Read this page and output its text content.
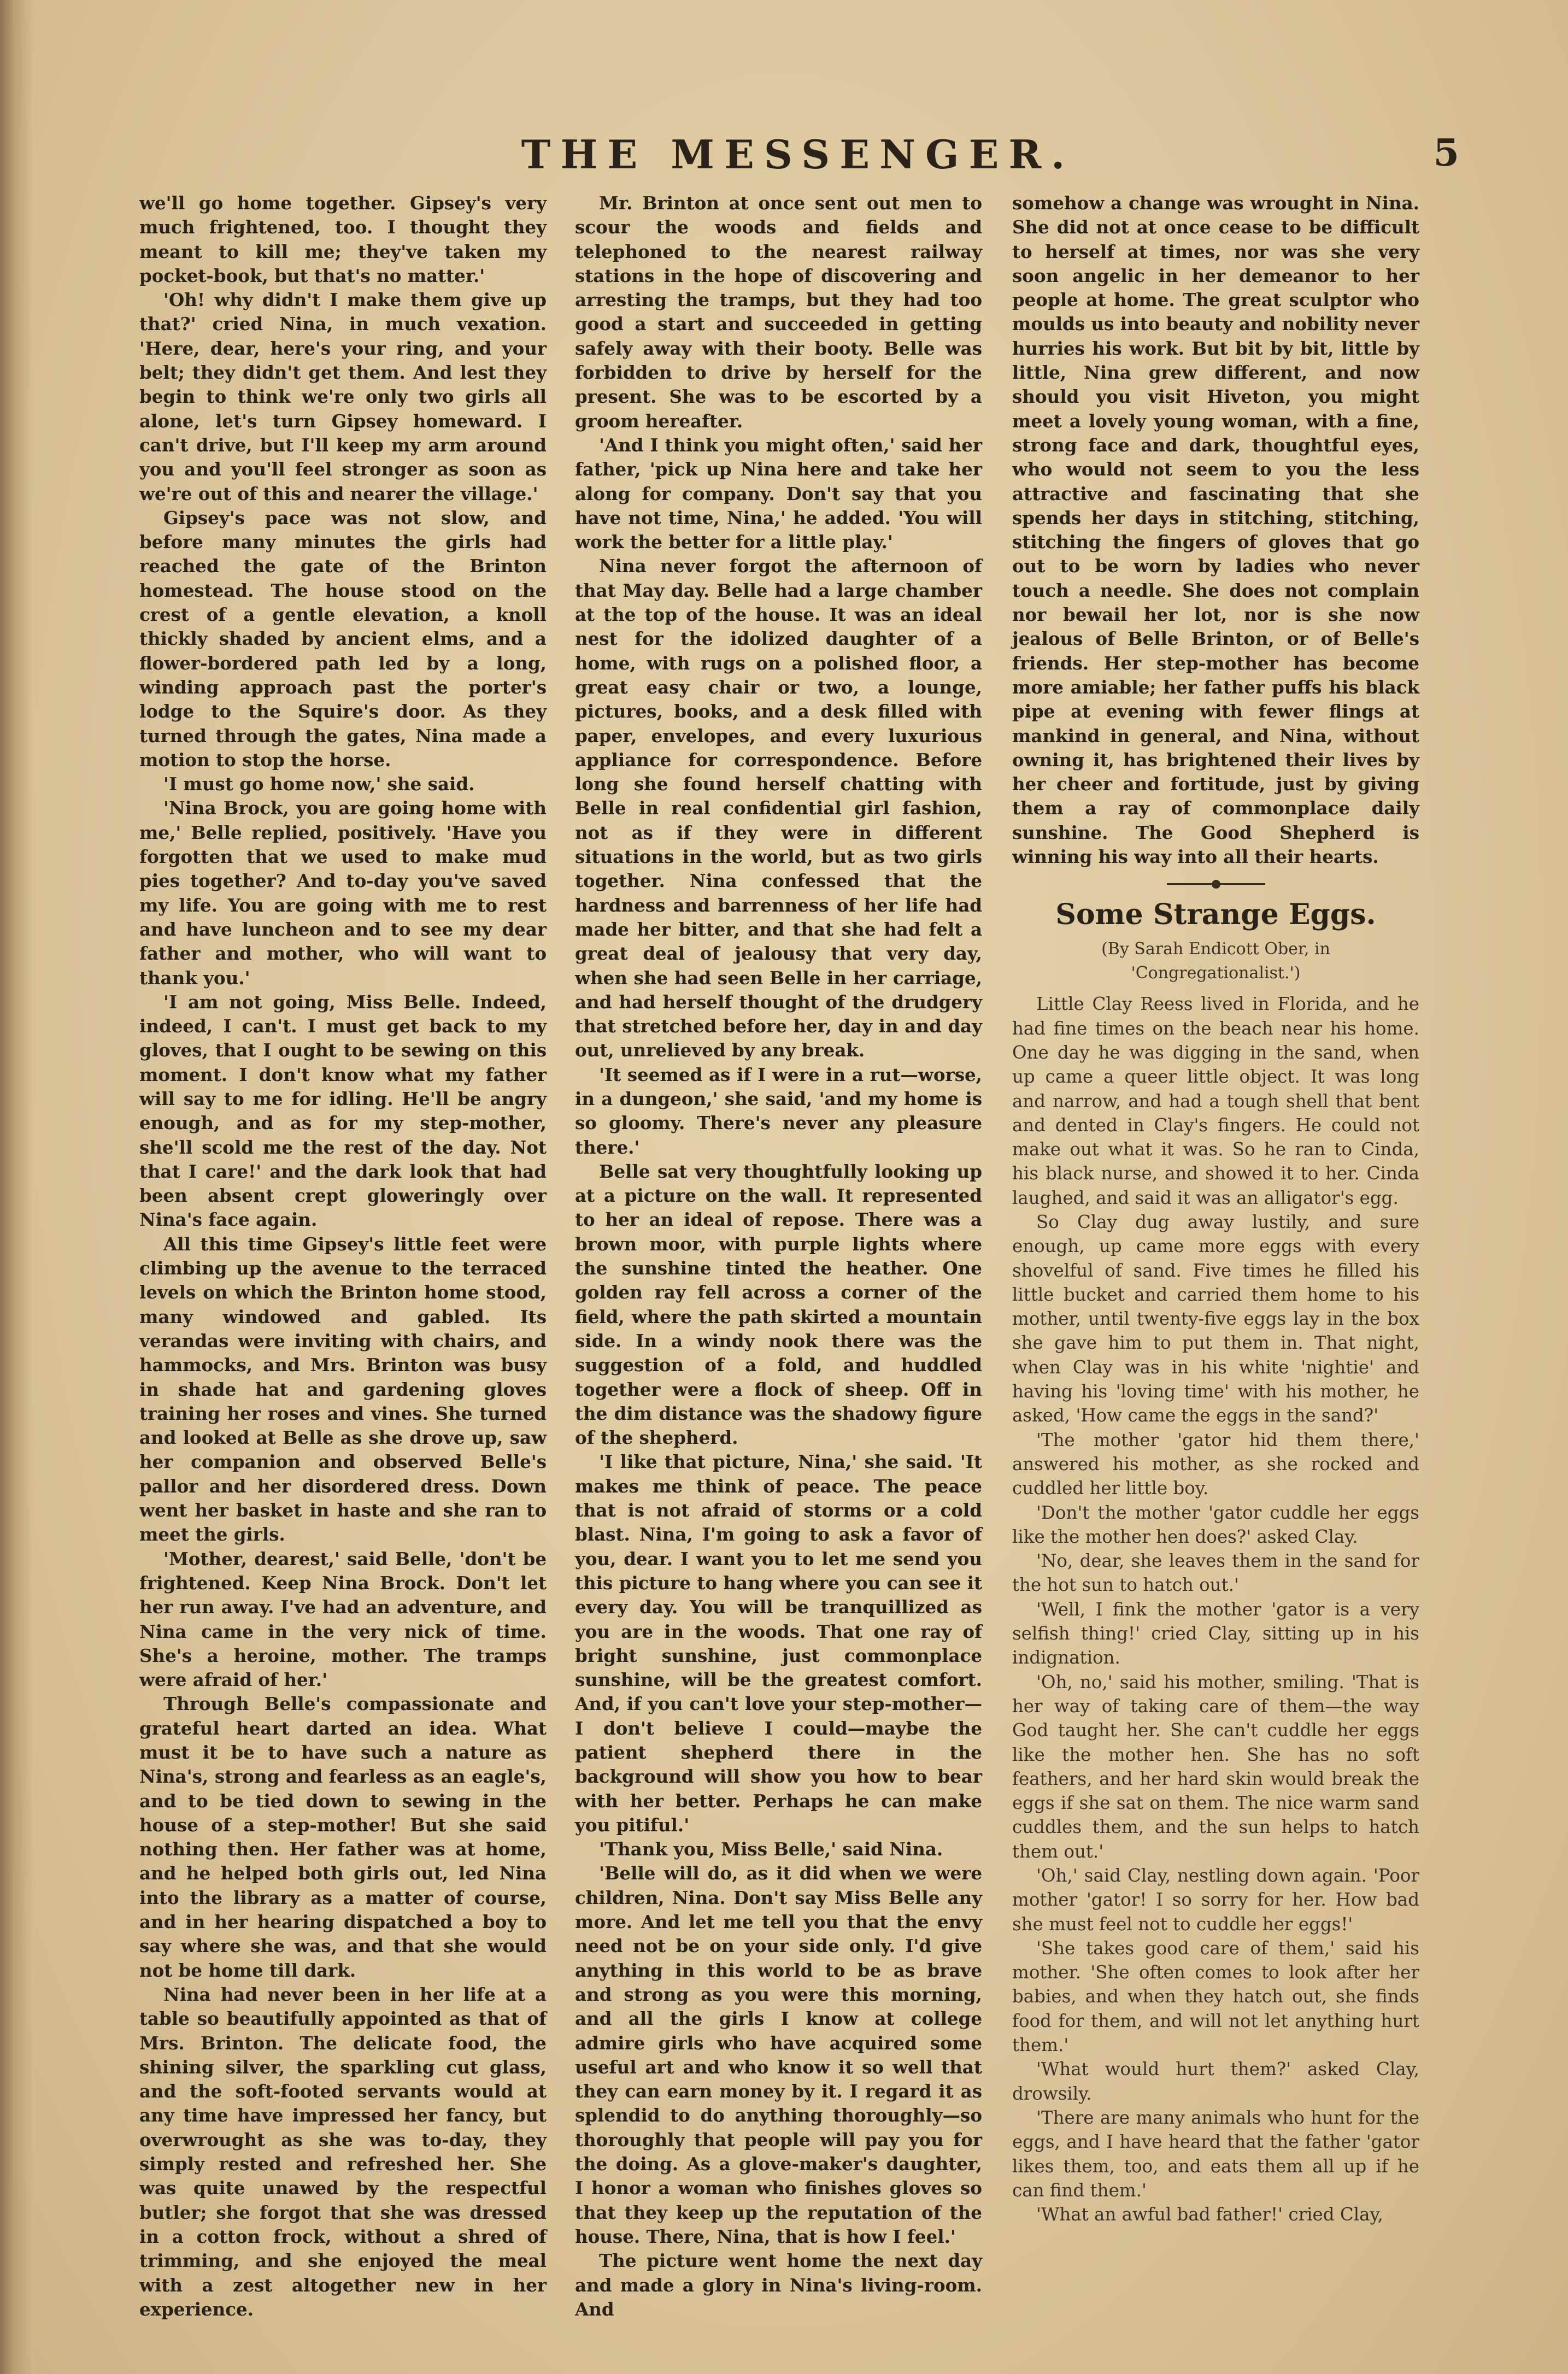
THE MESSENGER.	5

we'll go home together. Gipsey's very much frightened, too. I thought they meant to kill me; they've taken my pocket-book, but that's no matter.'

'Oh! why didn't I make them give up that?' cried Nina, in much vexation. 'Here, dear, here's your ring, and your belt; they didn't get them. And lest they begin to think we're only two girls all alone, let's turn Gipsey homeward. I can't drive, but I'll keep my arm around you and you'll feel stronger as soon as we're out of this and nearer the village.'

Gipsey's pace was not slow, and before many minutes the girls had reached the gate of the Brinton homestead. The house stood on the crest of a gentle elevation, a knoll thickly shaded by ancient elms, and a flower-bordered path led by a long, winding approach past the porter's lodge to the Squire's door. As they turned through the gates, Nina made a motion to stop the horse.

'I must go home now,' she said.

'Nina Brock, you are going home with me,' Belle replied, positively. 'Have you forgotten that we used to make mud pies together? And to-day you've saved my life. You are going with me to rest and have luncheon and to see my dear father and mother, who will want to thank you.'

'I am not going, Miss Belle. Indeed, indeed, I can't. I must get back to my gloves, that I ought to be sewing on this moment. I don't know what my father will say to me for idling. He'll be angry enough, and as for my step-mother, she'll scold me the rest of the day. Not that I care!' and the dark look that had been absent crept gloweringly over Nina's face again.

All this time Gipsey's little feet were climbing up the avenue to the terraced levels on which the Brinton home stood, many windowed and gabled. Its verandas were inviting with chairs, and hammocks, and Mrs. Brinton was busy in shade hat and gardening gloves training her roses and vines. She turned and looked at Belle as she drove up, saw her companion and observed Belle's pallor and her disordered dress. Down went her basket in haste and she ran to meet the girls.

'Mother, dearest,' said Belle, 'don't be frightened. Keep Nina Brock. Don't let her run away. I've had an adventure, and Nina came in the very nick of time. She's a heroine, mother. The tramps were afraid of her.'

Through Belle's compassionate and grateful heart darted an idea. What must it be to have such a nature as Nina's, strong and fearless as an eagle's, and to be tied down to sewing in the house of a step-mother! But she said nothing then. Her father was at home, and he helped both girls out, led Nina into the library as a matter of course, and in her hearing dispatched a boy to say where she was, and that she would not be home till dark.

Nina had never been in her life at a table so beautifully appointed as that of Mrs. Brinton. The delicate food, the shining silver, the sparkling cut glass, and the soft-footed servants would at any time have impressed her fancy, but overwrought as she was to-day, they simply rested and refreshed her. She was quite unawed by the respectful butler; she forgot that she was dressed in a cotton frock, without a shred of trimming, and she enjoyed the meal with a zest altogether new in her experience.

Mr. Brinton at once sent out men to scour the woods and fields and telephoned to the nearest railway stations in the hope of discovering and arresting the tramps, but they had too good a start and succeeded in getting safely away with their booty. Belle was forbidden to drive by herself for the present. She was to be escorted by a groom hereafter.

'And I think you might often,' said her father, 'pick up Nina here and take her along for company. Don't say that you have not time, Nina,' he added. 'You will work the better for a little play.'

Nina never forgot the afternoon of that May day. Belle had a large chamber at the top of the house. It was an ideal nest for the idolized daughter of a home, with rugs on a polished floor, a great easy chair or two, a lounge, pictures, books, and a desk filled with paper, envelopes, and every luxurious appliance for correspondence. Before long she found herself chatting with Belle in real confidential girl fashion, not as if they were in different situations in the world, but as two girls together. Nina confessed that the hardness and barrenness of her life had made her bitter, and that she had felt a great deal of jealousy that very day, when she had seen Belle in her carriage, and had herself thought of the drudgery that stretched before her, day in and day out, unrelieved by any break.

'It seemed as if I were in a rut—worse, in a dungeon,' she said, 'and my home is so gloomy. There's never any pleasure there.'

Belle sat very thoughtfully looking up at a picture on the wall. It represented to her an ideal of repose. There was a brown moor, with purple lights where the sunshine tinted the heather. One golden ray fell across a corner of the field, where the path skirted a mountain side. In a windy nook there was the suggestion of a fold, and huddled together were a flock of sheep. Off in the dim distance was the shadowy figure of the shepherd.

'I like that picture, Nina,' she said. 'It makes me think of peace. The peace that is not afraid of storms or a cold blast. Nina, I'm going to ask a favor of you, dear. I want you to let me send you this picture to hang where you can see it every day. You will be tranquillized as you are in the woods. That one ray of bright sunshine, just commonplace sunshine, will be the greatest comfort. And, if you can't love your step-mother—I don't believe I could—maybe the patient shepherd there in the background will show you how to bear with her better. Perhaps he can make you pitiful.'

'Thank you, Miss Belle,' said Nina.

'Belle will do, as it did when we were children, Nina. Don't say Miss Belle any more. And let me tell you that the envy need not be on your side only. I'd give anything in this world to be as brave and strong as you were this morning, and all the girls I know at college admire girls who have acquired some useful art and who know it so well that they can earn money by it. I regard it as splendid to do anything thoroughly—so thoroughly that people will pay you for the doing. As a glove-maker's daughter, I honor a woman who finishes gloves so that they keep up the reputation of the house. There, Nina, that is how I feel.'

The picture went home the next day and made a glory in Nina's living-room. And

somehow a change was wrought in Nina. She did not at once cease to be difficult to herself at times, nor was she very soon angelic in her demeanor to her people at home. The great sculptor who moulds us into beauty and nobility never hurries his work. But bit by bit, little by little, Nina grew different, and now should you visit Hiveton, you might meet a lovely young woman, with a fine, strong face and dark, thoughtful eyes, who would not seem to you the less attractive and fascinating that she spends her days in stitching, stitching, stitching the fingers of gloves that go out to be worn by ladies who never touch a needle. She does not complain nor bewail her lot, nor is she now jealous of Belle Brinton, or of Belle's friends. Her step-mother has become more amiable; her father puffs his black pipe at evening with fewer flings at mankind in general, and Nina, without owning it, has brightened their lives by her cheer and fortitude, just by giving them a ray of commonplace daily sunshine. The Good Shepherd is winning his way into all their hearts.

Some Strange Eggs.
(By Sarah Endicott Ober, in 'Congregationalist.')

Little Clay Reess lived in Florida, and he had fine times on the beach near his home. One day he was digging in the sand, when up came a queer little object. It was long and narrow, and had a tough shell that bent and dented in Clay's fingers. He could not make out what it was. So he ran to Cinda, his black nurse, and showed it to her. Cinda laughed, and said it was an alligator's egg.

So Clay dug away lustily, and sure enough, up came more eggs with every shovelful of sand. Five times he filled his little bucket and carried them home to his mother, until twenty-five eggs lay in the box she gave him to put them in. That night, when Clay was in his white 'nightie' and having his 'loving time' with his mother, he asked, 'How came the eggs in the sand?'

'The mother 'gator hid them there,' answered his mother, as she rocked and cuddled her little boy.

'Don't the mother 'gator cuddle her eggs like the mother hen does?' asked Clay.

'No, dear, she leaves them in the sand for the hot sun to hatch out.'

'Well, I fink the mother 'gator is a very selfish thing!' cried Clay, sitting up in his indignation.

'Oh, no,' said his mother, smiling. 'That is her way of taking care of them—the way God taught her. She can't cuddle her eggs like the mother hen. She has no soft feathers, and her hard skin would break the eggs if she sat on them. The nice warm sand cuddles them, and the sun helps to hatch them out.'

'Oh,' said Clay, nestling down again. 'Poor mother 'gator! I so sorry for her. How bad she must feel not to cuddle her eggs!'

'She takes good care of them,' said his mother. 'She often comes to look after her babies, and when they hatch out, she finds food for them, and will not let anything hurt them.'

'What would hurt them?' asked Clay, drowsily.

'There are many animals who hunt for the eggs, and I have heard that the father 'gator likes them, too, and eats them all up if he can find them.'

'What an awful bad father!' cried Clay,
